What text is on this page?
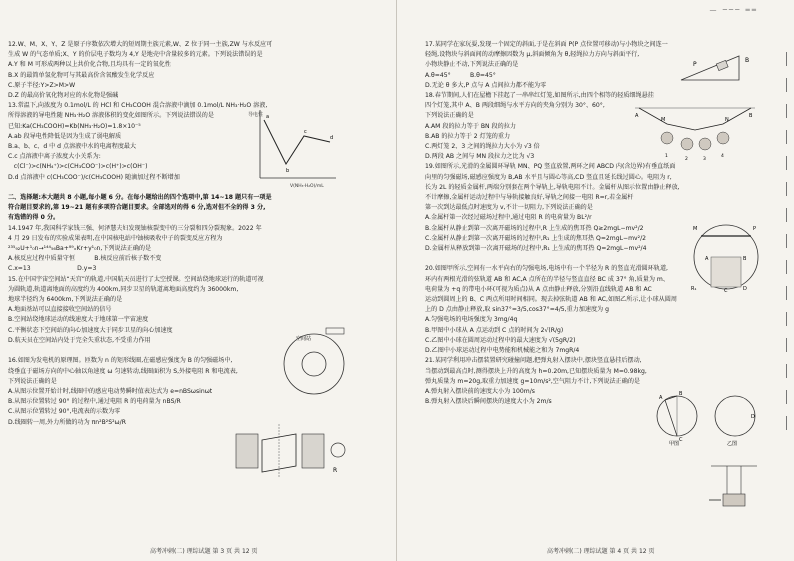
— ─── ══
12.W、M、X、Y、Z 是原子序数依次增大的短周期主族元素,W、Z 位于同一主族,ZW 与水反应可
生成 W 的气态单质;X、Y 的价层电子数均为 4,Y 是地壳中含量较多的元素。下列说法错误的是
A.Y 和 M 可形成两种以上共价化合物,且均具有一定的氧化性
B.X 的最简单氢化物可与其最高价含氧酸发生化学反应
C.原子半径:Y>Z>M>W
D.Z 的最高价氧化物对应的水化物是强碱
13.常温下,向浓度为 0.1mol/L 的 HCl 和 CH₃COOH 混合溶液中滴加 0.1mol/L NH₃·H₂O 溶液,
所得溶液的导电性随 NH₃·H₂O 溶液体积的变化如图所示。下列说法错误的是
已知:Ka(CH₃COOH)=Kb(NH₃·H₂O)=1.8×10⁻⁵
A.ab 段导电性降低是因为生成了弱电解质
B.a、b、c、d 中 d 点溶液中水的电离程度最大
C.c 点溶液中离子浓度大小关系为:
c(Cl⁻)>c(NH₄⁺)>c(CH₃COO⁻)>c(H⁺)>c(OH⁻)
D.d 点溶液中 c(CH₃COO⁻)/c(CH₃COOH) 随滴加过程不断增加

二、选择题:本大题共 8 小题,每小题 6 分。在每小题给出的四个选项中,第 14~18 题只有一项是
符合题目要求的,第 19~21 题有多项符合题目要求。全部选对的得 6 分,选对但不全的得 3 分,
有选错的得 0 分。
14.1947 年,我国科学家钱三强、何泽慧夫妇发现铀核裂变中的三分裂和四分裂现象。2022 年
4 月 29 日发布的实验成果表明,在中国核电站中铀核吸收中子的裂变反应方程为
²³⁵₉₂U+¹₀n→¹⁴⁴₅₆Ba+⁸⁹ₓKr+y¹₀n,下列说法正确的是
A.核反应过程中质量守恒          B.核反应前后核子数不变
C.x=13                        D.y=3
15.在中国宇宙空间站“天宫”的轨道,中国航天员进行了太空授课。空间站绕地球运行的轨道可视
为圆轨道,轨道离地面的高度约为 400km,同步卫星的轨道离地面高度约为 36000km,
地球半径约为 6400km,下列说法正确的是
A.地面基站可以直接接收空间站的信号
B.空间站绕地球运动的线速度大于地球第一宇宙速度
C.平衡状态下空间站的向心加速度大于同步卫星的向心加速度
D.航天员在空间站内处于完全失重状态,不受重力作用

16.如图为发电机的原理图。匝数为 n 的矩形线圈,在磁感应强度为 B 的匀强磁场中,
绕垂直于磁场方向的中心轴以角速度 ω 匀速转动,线圈面积为 S,外接电阻 R 和电流表,
下列说法正确的是
A.从图示位置开始计时,线圈中的感应电动势瞬时值表达式为 e=nBSωsinωt
B.从图示位置转过 90° 的过程中,通过电阻 R 的电荷量为 nBS/R
C.从图示位置转过 90°,电流表的示数为零
D.线圈转一周,外力所做的功为 πn²B²S²ω/R
导电性
V(NH₃·H₂O)/mL
a
b
c
d
空间站
R
高考冲刺(二) 理综试题 第 3 页 共 12 页
17.某同学在家玩耍,发现一个固定的斜面,于是在斜面 P(P 点位置可移动)与小物块之间连一
轻绳,设物块与斜面间的动摩擦因数为 μ,斜面倾角为 θ,轻绳拉力方向与斜面平行,
小物块静止不动,下列说法正确的是
A.θ=45°          B.θ=45°
D.无论 θ 多大,P 点与 A 点间拉力都不能为零
18.春节期间,人们在屋檐下挂起了一串串红灯笼,如图所示,由四个相等的轻质细绳悬挂
四个灯笼,其中 A、B 两段细绳与水平方向的夹角分别为 30°、60°,
下列说法正确的是
A.AM 段的拉力等于 BN 段的拉力
B.AB 的拉力等于 2 灯笼的重力
C.两灯笼 2、3 之间的绳拉力大小为 √3 倍
D.两段 AB 之间与 MN 段拉力之比为 √3
19.如图所示,光滑的金属圆环导轨 MN、PQ 竖直放置,两环之间 ABCD 内(含边界)有垂直纸面
向里的匀强磁场,磁感应强度为 B,AB 水平且与圆心等高,CD 竖直且延长线过圆心。电阻为 r,
长为 2L 的轻质金属杆,两端分别套在两个导轨上,导轨电阻不计。金属杆从图示位置由静止释放,
不计摩擦,金属杆运动过程中与导轨接触良好,导轨之间接一电阻 R=r,若金属杆
第一次到达最低点时速度为 v,不计一切阻力,下列说法正确的是
A.金属杆第一次经过磁场过程中,通过电阻 R 的电荷量为 BL²/r
B.金属杆从静止到第一次离开磁场的过程中,R 上生成的焦耳热 Q≥2mgL−mv²/2
C.金属杆从静止到第一次离开磁场的过程中,R₁ 上生成的焦耳热 Q=2mgL−mv²/2
D.金属杆从释放到第一次离开磁场的过程中,R₁ 上生成的焦耳热 Q=2mgL−mv²/4

20.如图甲所示,空间有一水平向右的匀强电场,电场中有一个半径为 R 的竖直光滑圆环轨道,
环内有两根光滑的弦轨道 AB 和 AC,A 点所在的半径与竖直直径 BC 成 37° 角,质量为 m、
电荷量为 +q 的带电小环(可视为质点)从 A 点由静止释放,分别沿直线轨道 AB 和 AC
运动到圆周上的 B、C 两点所用时间相同。现去掉弦轨道 AB 和 AC,如图乙所示,让小球从圆周
上的 D 点由静止释放,取 sin37°=3/5,cos37°=4/5,重力加速度为 g
A.匀强电场的电场强度为 3mg/4q
B.甲图中小球从 A 点运动到 C 点的时间为 2√(R/g)
C.乙图中小球在圆周运动过程中的最大速度为 √(5gR/2)
D.乙图中小球运动过程中电势能和机械能之和为 7mgR/4
21.某同学利用冲击摆装置研究碰撞问题,把弹丸射入摆块中,摆块竖直悬挂后摆动,
当摆动到最高点时,测得摆块上升的高度为 h=0.20m,已知摆块质量为 M=0.98kg,
弹丸质量为 m=20g,取重力加速度 g=10m/s²,空气阻力不计,下列说法正确的是
A.弹丸射入摆块前的速度大小为 100m/s
B.弹丸射入摆块后瞬间摆块的速度大小为 2m/s
P
B
A
M	N
B
1
2	3
4
M	P
A	B
C	D
R₁
A
B
C
D
甲图	乙图
高考冲刺(二) 理综试题 第 4 页 共 12 页
